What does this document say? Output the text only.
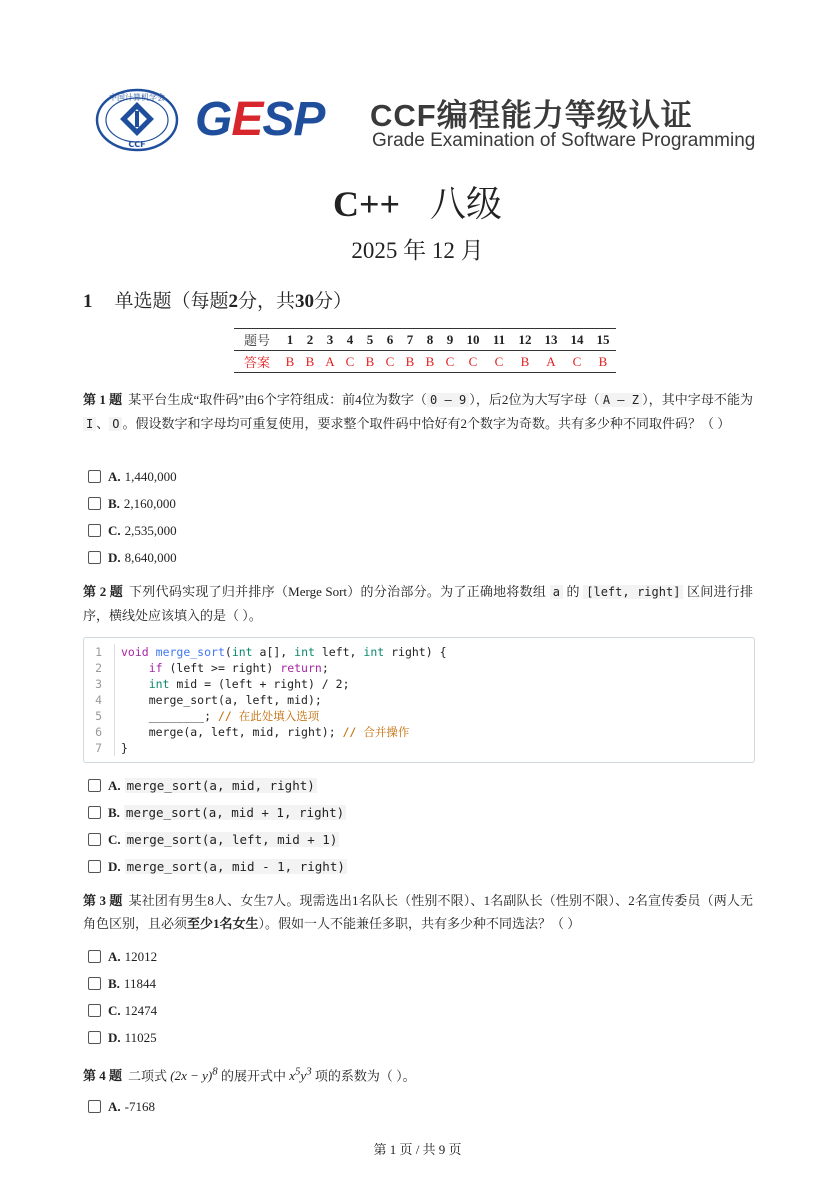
中国计算机学会
CCF GESP CCF编程能力等级认证
Grade Examination of Software Programming
C++ 八级
2025 年 12 月
1 单选题（每题2分，共30分）
题号	1	2	3	4	5	6	7	8	9	10	11	12	13	14	15
答案	B	B	A	C	B	C	B	B	C	C	C	B	A	C	B
第 1 题 某平台生成“取件码”由6个字符组成：前4位为数字（ 0 – 9 ），后2位为大写字母（ A – Z ），其中字母不能为I 、 O 。假设数字和字母均可重复使用，要求整个取件码中恰好有2个数字为奇数。共有多少种不同取件码？（ ）
A. 1,440,000
B. 2,160,000
C. 2,535,000
D. 8,640,000
第 2 题 下列代码实现了归并排序（Merge Sort）的分治部分。为了正确地将数组 a 的 [left, right] 区间进行排序，横线处应该填入的是（ ）。
1 void merge_sort(int a[], int left, int right) {
2	if (left >= right) return;
3	int mid = (left + right) / 2;
4	merge_sort(a, left, mid);
5	________; // 在此处填入选项
6	merge(a, left, mid, right); // 合并操作
7 }
A. merge_sort(a, mid, right)
B. merge_sort(a, mid + 1, right)
C. merge_sort(a, left, mid + 1)
D. merge_sort(a, mid - 1, right)
第 3 题 某社团有男生8人、女生7人。现需选出1名队长（性别不限）、1名副队长（性别不限）、2名宣传委员（两人无角色区别，且必须至少1名女生）。假如一人不能兼任多职，共有多少种不同选法？（ ）
A. 12012
B. 11844
C. 12474
D. 11025
第 4 题 二项式 $(2x - y)^8$ 的展开式中 $x^5y^3$ 项的系数为（ ）。
A. -7168
第 1 页 / 共 9 页
